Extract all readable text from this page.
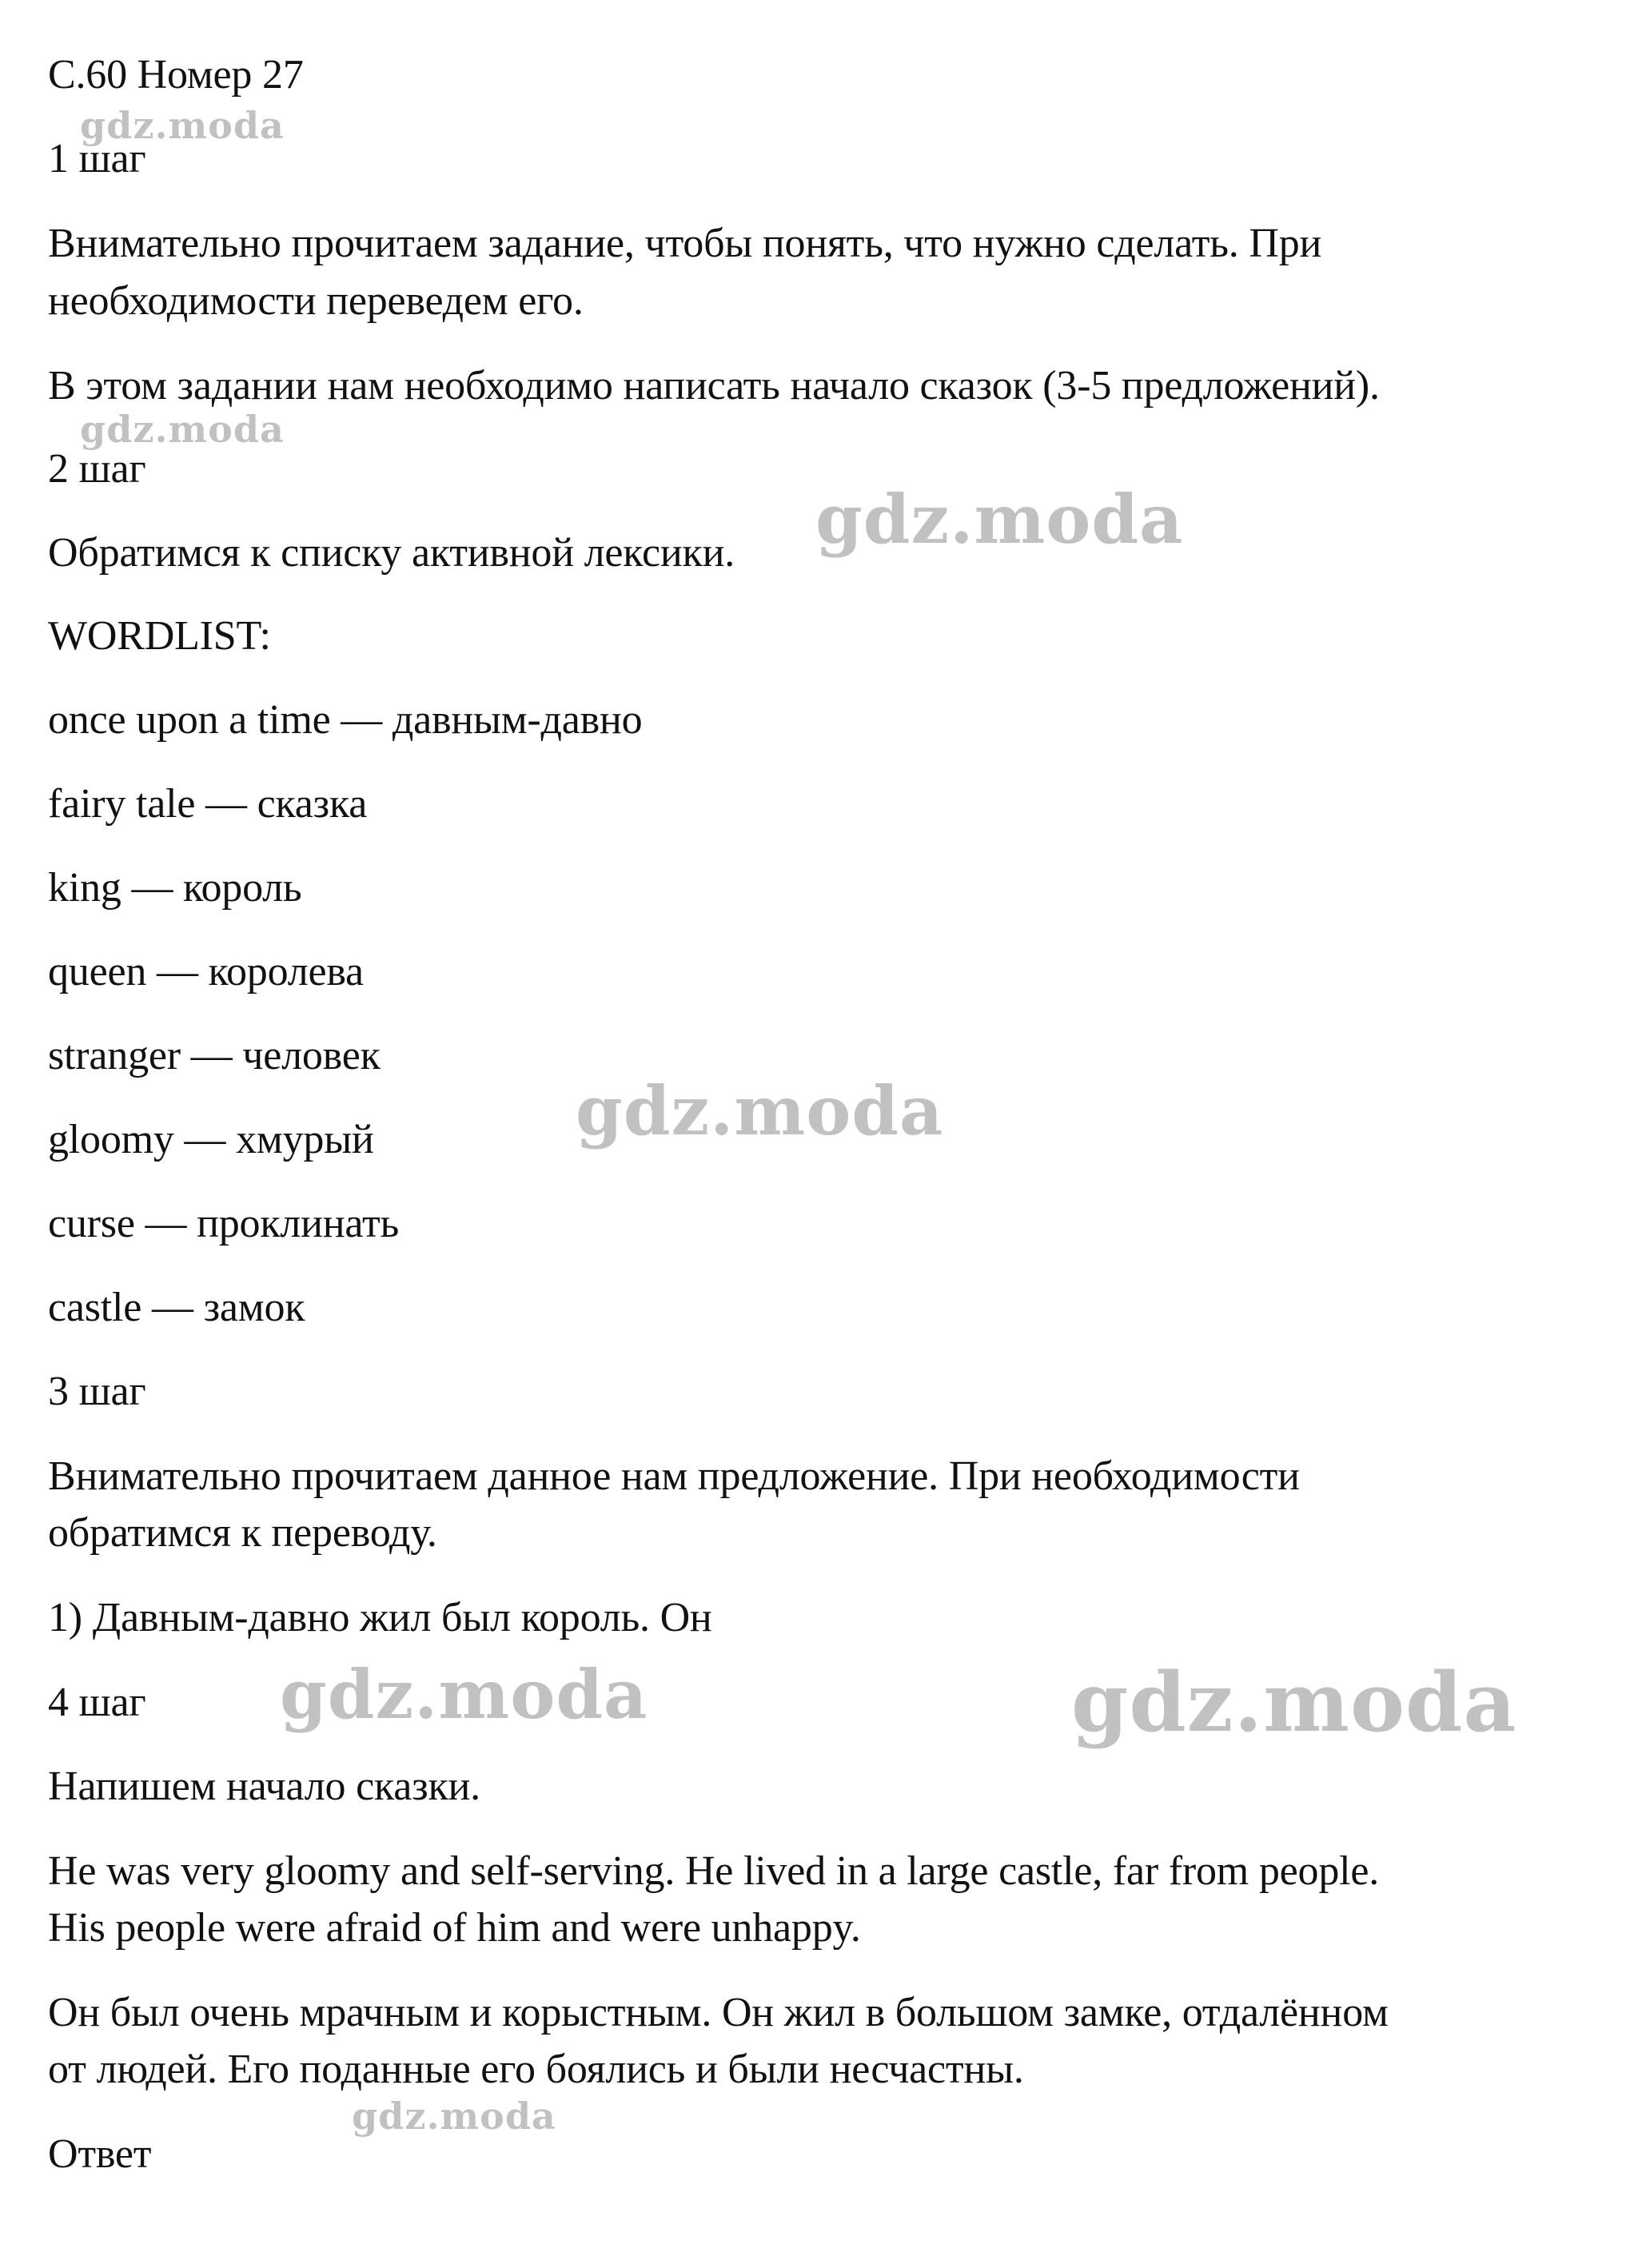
С.60 Номер 27

1 шаг

Внимательно прочитаем задание, чтобы понять, что нужно сделать. При

необходимости переведем его.

В этом задании нам необходимо написать начало сказок (3-5 предложений).

2 шаг

Обратимся к списку активной лексики.

WORDLIST:

once upon a time — давным-давно

fairy tale — сказка

king — король

queen — королева

stranger — человек

gloomy — хмурый

curse — проклинать

castle — замок

3 шаг

Внимательно прочитаем данное нам предложение. При необходимости

обратимся к переводу.

1) Давным-давно жил был король. Он

4 шаг

Напишем начало сказки.

He was very gloomy and self-serving. He lived in a large castle, far from people.

His people were afraid of him and were unhappy.

Он был очень мрачным и корыстным. Он жил в большом замке, отдалённом

от людей. Его поданные его боялись и были несчастны.

Ответ

gdz.moda

gdz.moda

gdz.moda

gdz.moda

gdz.moda	gdz.moda

gdz.moda
